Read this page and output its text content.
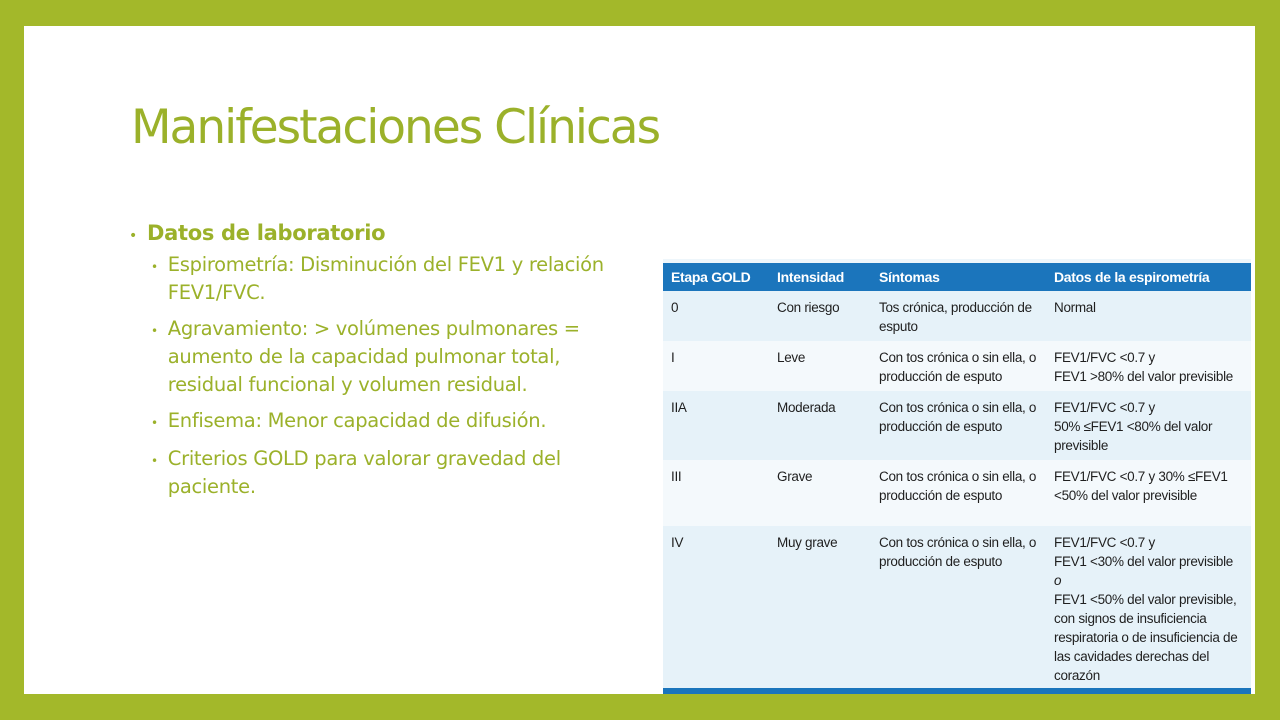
Manifestaciones Clínicas
• Datos de laboratorio
• Espirometría: Disminución del FEV1 y relación FEV1/FVC.
• Agravamiento: > volúmenes pulmonares = aumento de la capacidad pulmonar total, residual funcional y volumen residual.
• Enfisema: Menor capacidad de difusión.
• Criterios GOLD para valorar gravedad del paciente.
Etapa GOLD	Intensidad	Síntomas	Datos de la espirometría
0	Con riesgo	Tos crónica, producción de esputo	Normal
I	Leve	Con tos crónica o sin ella, o producción de esputo	FEV1/FVC <0.7 y
FEV1 >80% del valor previsible

IIA	Moderada	Con tos crónica o sin ella, o producción de esputo	FEV1/FVC <0.7 y
50% ≤FEV1 <80% del valor previsible

III	Grave	Con tos crónica o sin ella, o producción de esputo	FEV1/FVC <0.7 y 30% ≤FEV1 <50% del valor previsible

IV	Muy grave	Con tos crónica o sin ella, o producción de esputo	FEV1/FVC <0.7 y
FEV1 <30% del valor previsible
o
FEV1 <50% del valor previsible, con signos de insuficiencia respiratoria o de insuficiencia de las cavidades derechas del corazón
